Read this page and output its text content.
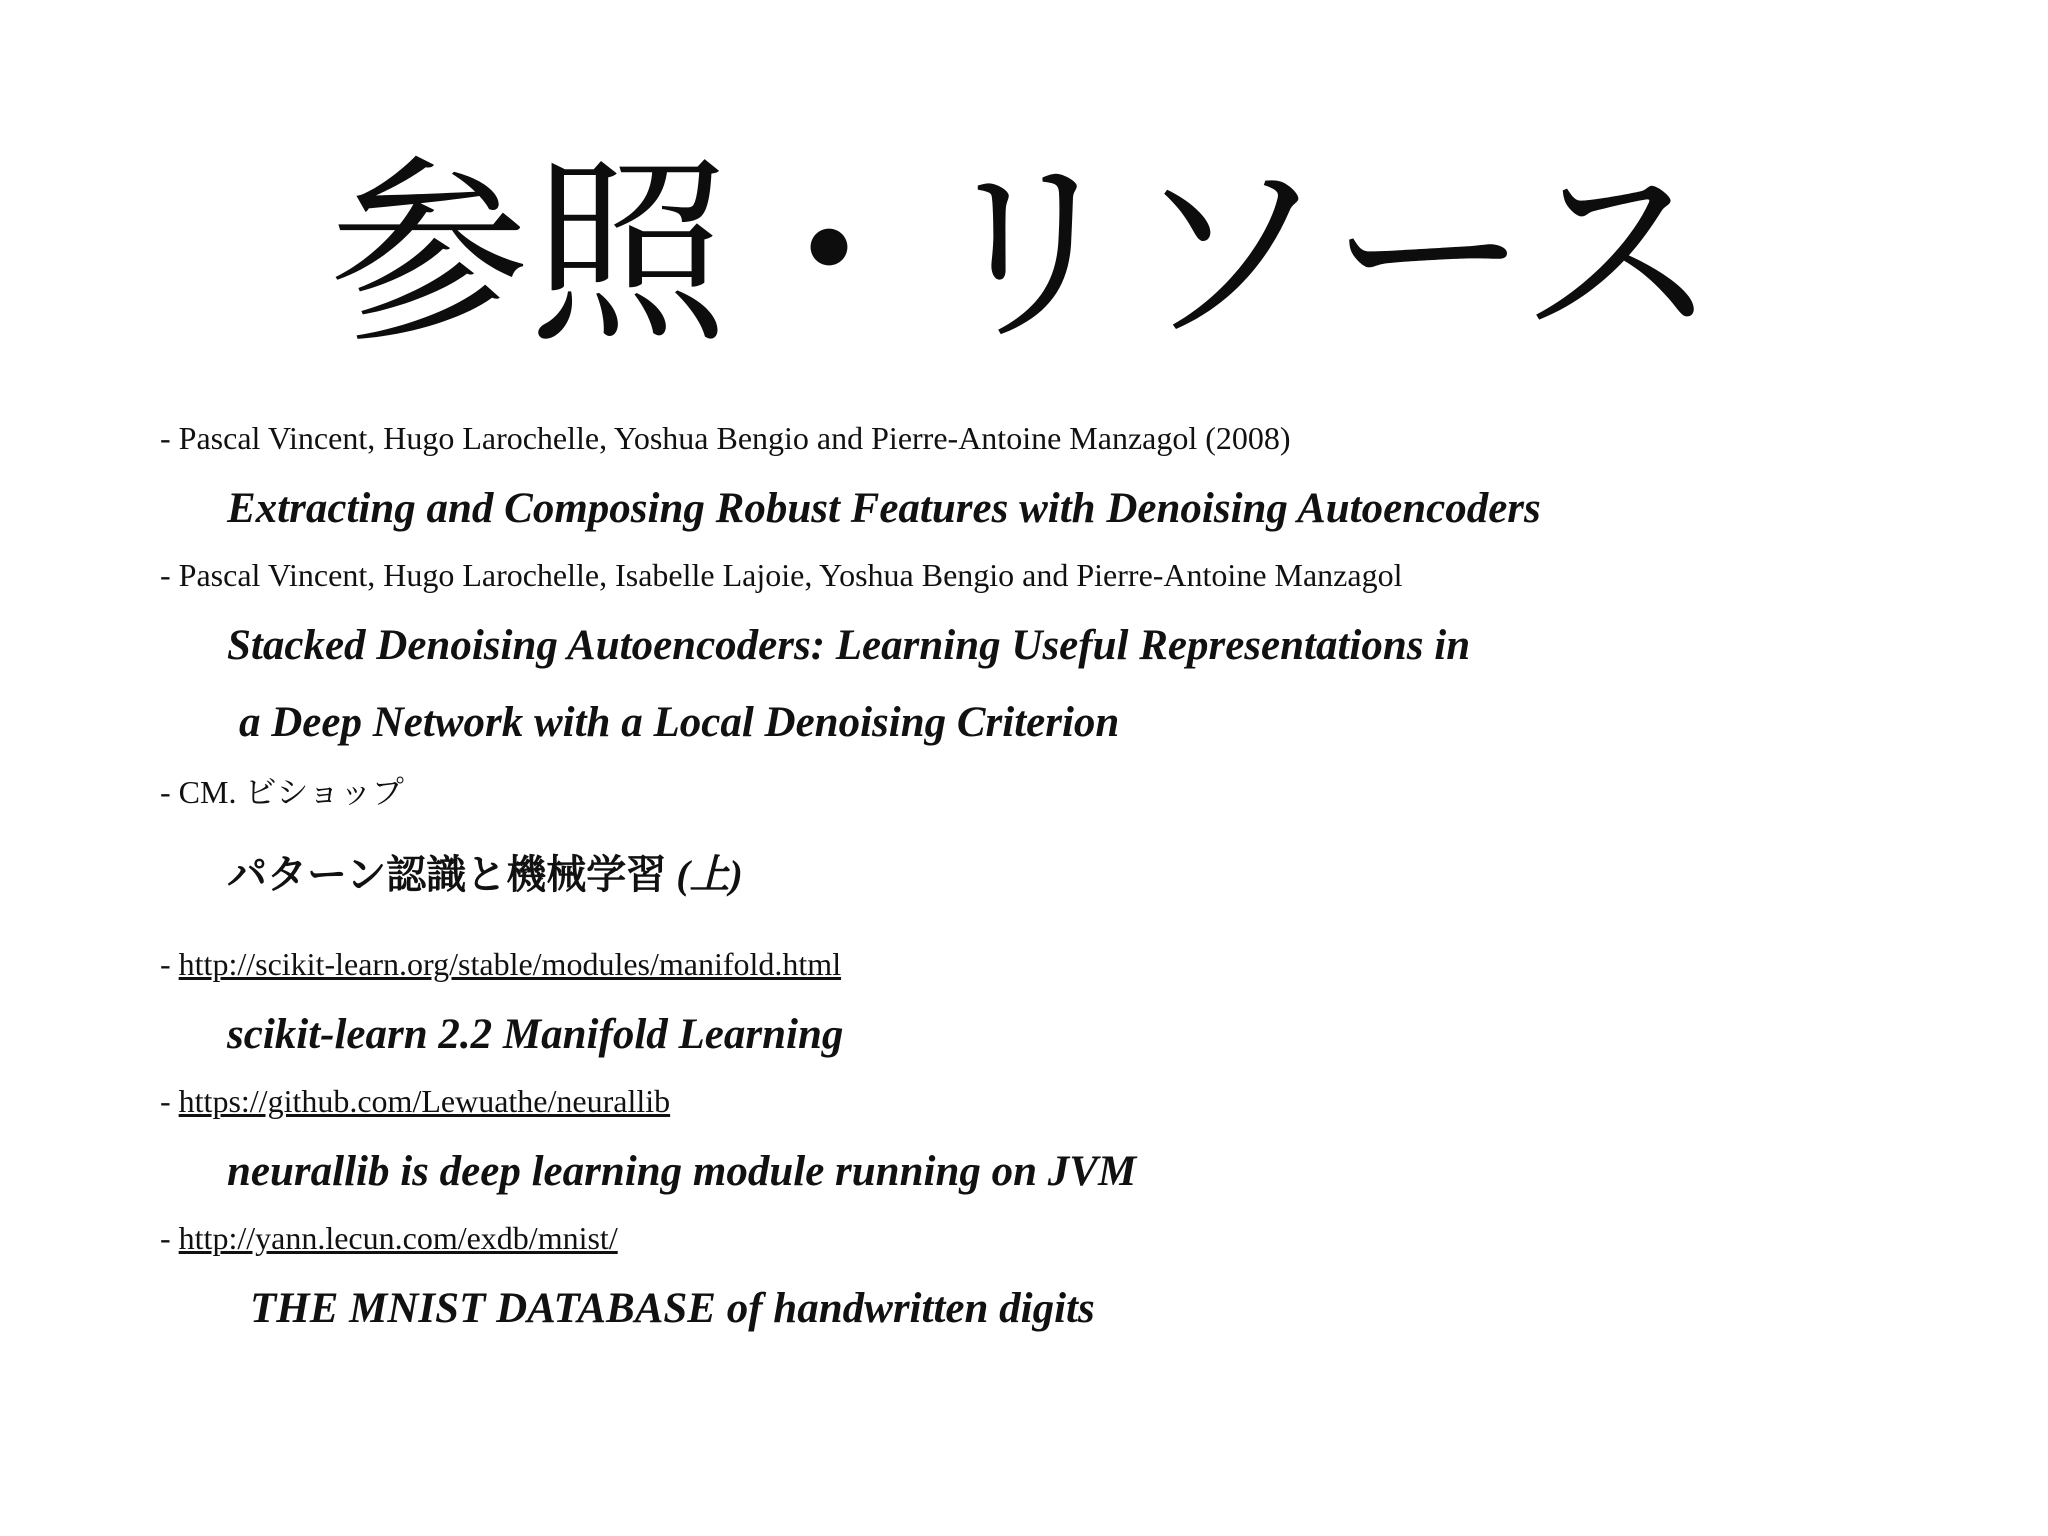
参照・リソース
- Pascal Vincent, Hugo Larochelle, Yoshua Bengio and Pierre-Antoine Manzagol (2008)
Extracting and Composing Robust Features with Denoising Autoencoders
- Pascal Vincent, Hugo Larochelle, Isabelle Lajoie, Yoshua Bengio and Pierre-Antoine Manzagol
Stacked Denoising Autoencoders: Learning Useful Representations in
a Deep Network with a Local Denoising Criterion
- CM. ビショップ
パターン認識と機械学習 (上)
- http://scikit-learn.org/stable/modules/manifold.html
scikit-learn 2.2 Manifold Learning
- https://github.com/Lewuathe/neurallib
neurallib is deep learning module running on JVM
- http://yann.lecun.com/exdb/mnist/
THE MNIST DATABASE of handwritten digits
